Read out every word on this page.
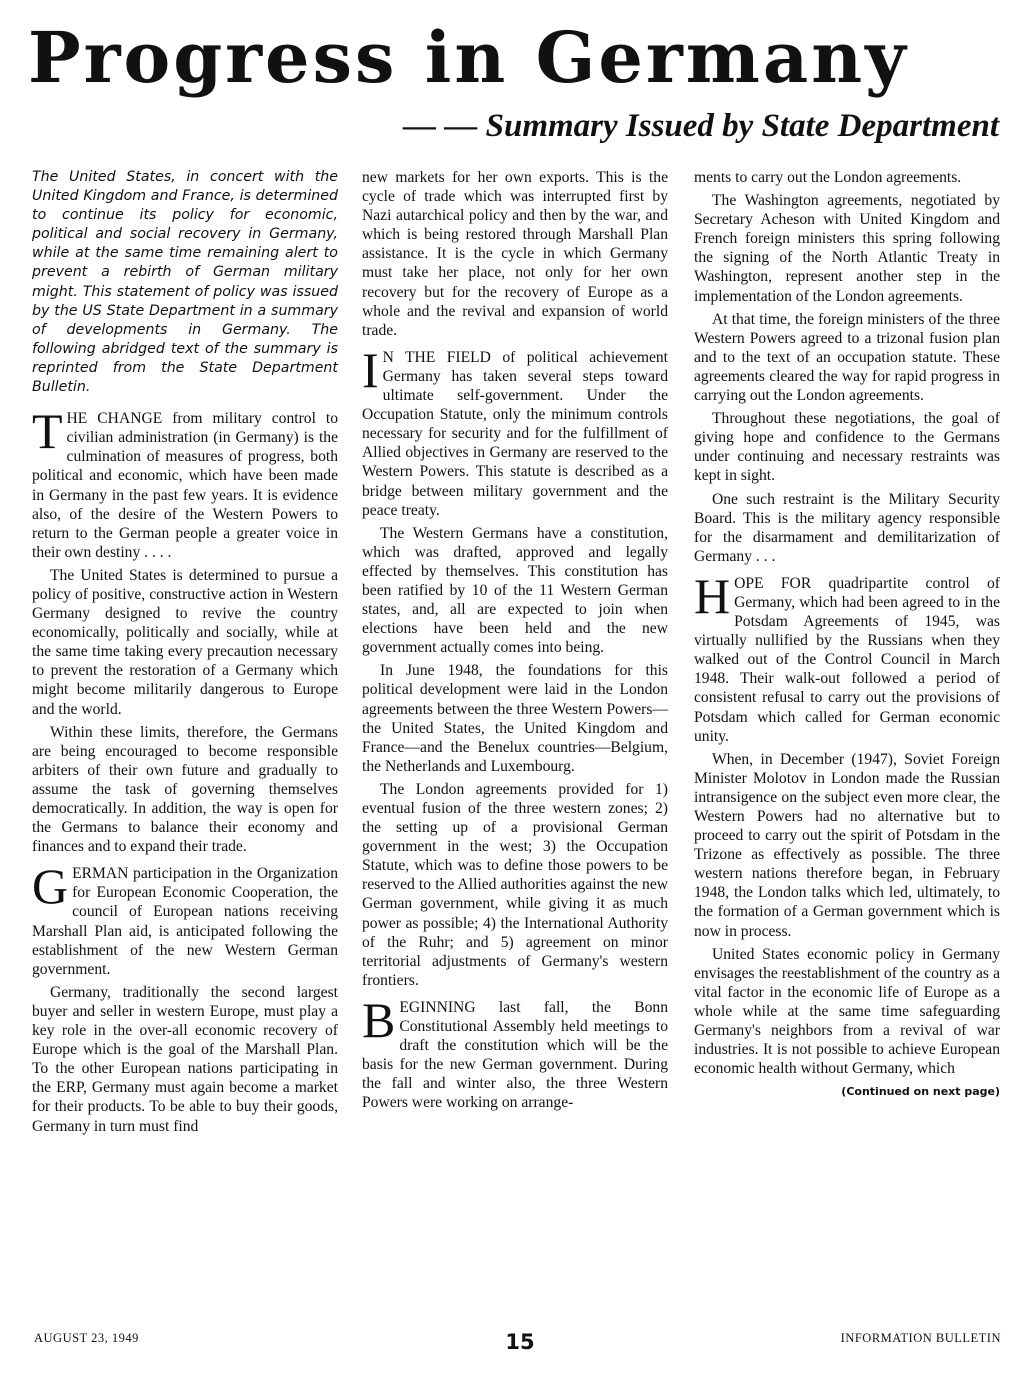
Progress in Germany
— — Summary Issued by State Department

The United States, in concert with the United Kingdom and France, is determined to continue its policy for economic, political and social recovery in Germany, while at the same time remaining alert to prevent a rebirth of German military might. This statement of policy was issued by the US State Department in a summary of developments in Germany. The following abridged text of the summary is reprinted from the State Department Bulletin.

THE CHANGE from military control to civilian administration (in Germany) is the culmination of measures of progress, both political and economic, which have been made in Germany in the past few years. It is evidence also, of the desire of the Western Powers to return to the German people a greater voice in their own destiny . . . .

The United States is determined to pursue a policy of positive, constructive action in Western Germany designed to revive the country economically, politically and socially, while at the same time taking every precaution necessary to prevent the restoration of a Germany which might become militarily dangerous to Europe and the world.

Within these limits, therefore, the Germans are being encouraged to become responsible arbiters of their own future and gradually to assume the task of governing themselves democratically. In addition, the way is open for the Germans to balance their economy and finances and to expand their trade.

GERMAN participation in the Organization for European Economic Cooperation, the council of European nations receiving Marshall Plan aid, is anticipated following the establishment of the new Western German government.

Germany, traditionally the second largest buyer and seller in western Europe, must play a key role in the over-all economic recovery of Europe which is the goal of the Marshall Plan. To the other European nations participating in the ERP, Germany must again become a market for their products. To be able to buy their goods, Germany in turn must find

new markets for her own exports. This is the cycle of trade which was interrupted first by Nazi autarchical policy and then by the war, and which is being restored through Marshall Plan assistance. It is the cycle in which Germany must take her place, not only for her own recovery but for the recovery of Europe as a whole and the revival and expansion of world trade.

I N THE FIELD of political achievement Germany has taken several steps toward ultimate self-government. Under the Occupation Statute, only the minimum controls necessary for security and for the fulfillment of Allied objectives in Germany are reserved to the Western Powers. This statute is described as a bridge between military government and the peace treaty.

The Western Germans have a constitution, which was drafted, approved and legally effected by themselves. This constitution has been ratified by 10 of the 11 Western German states, and, all are expected to join when elections have been held and the new government actually comes into being.

In June 1948, the foundations for this political development were laid in the London agreements between the three Western Powers—the United States, the United Kingdom and France—and the Benelux countries—Belgium, the Netherlands and Luxembourg.

The London agreements provided for 1) eventual fusion of the three western zones; 2) the setting up of a provisional German government in the west; 3) the Occupation Statute, which was to define those powers to be reserved to the Allied authorities against the new German government, while giving it as much power as possible; 4) the International Authority of the Ruhr; and 5) agreement on minor territorial adjustments of Germany's western frontiers.

BEGINNING last fall, the Bonn Constitutional Assembly held meetings to draft the constitution which will be the basis for the new German government. During the fall and winter also, the three Western Powers were working on arrange-

ments to carry out the London agreements.

The Washington agreements, negotiated by Secretary Acheson with United Kingdom and French foreign ministers this spring following the signing of the North Atlantic Treaty in Washington, represent another step in the implementation of the London agreements.

At that time, the foreign ministers of the three Western Powers agreed to a trizonal fusion plan and to the text of an occupation statute. These agreements cleared the way for rapid progress in carrying out the London agreements.

Throughout these negotiations, the goal of giving hope and confidence to the Germans under continuing and necessary restraints was kept in sight.

One such restraint is the Military Security Board. This is the military agency responsible for the disarmament and demilitarization of Germany . . .

HOPE FOR quadripartite control of Germany, which had been agreed to in the Potsdam Agreements of 1945, was virtually nullified by the Russians when they walked out of the Control Council in March 1948. Their walk-out followed a period of consistent refusal to carry out the provisions of Potsdam which called for German economic unity.

When, in December (1947), Soviet Foreign Minister Molotov in London made the Russian intransigence on the subject even more clear, the Western Powers had no alternative but to proceed to carry out the spirit of Potsdam in the Trizone as effectively as possible. The three western nations therefore began, in February 1948, the London talks which led, ultimately, to the formation of a German government which is now in process.

United States economic policy in Germany envisages the reestablishment of the country as a vital factor in the economic life of Europe as a whole while at the same time safeguarding Germany's neighbors from a revival of war industries. It is not possible to achieve European economic health without Germany, which

(Continued on next page)
AUGUST 23, 1949	15	INFORMATION BULLETIN
